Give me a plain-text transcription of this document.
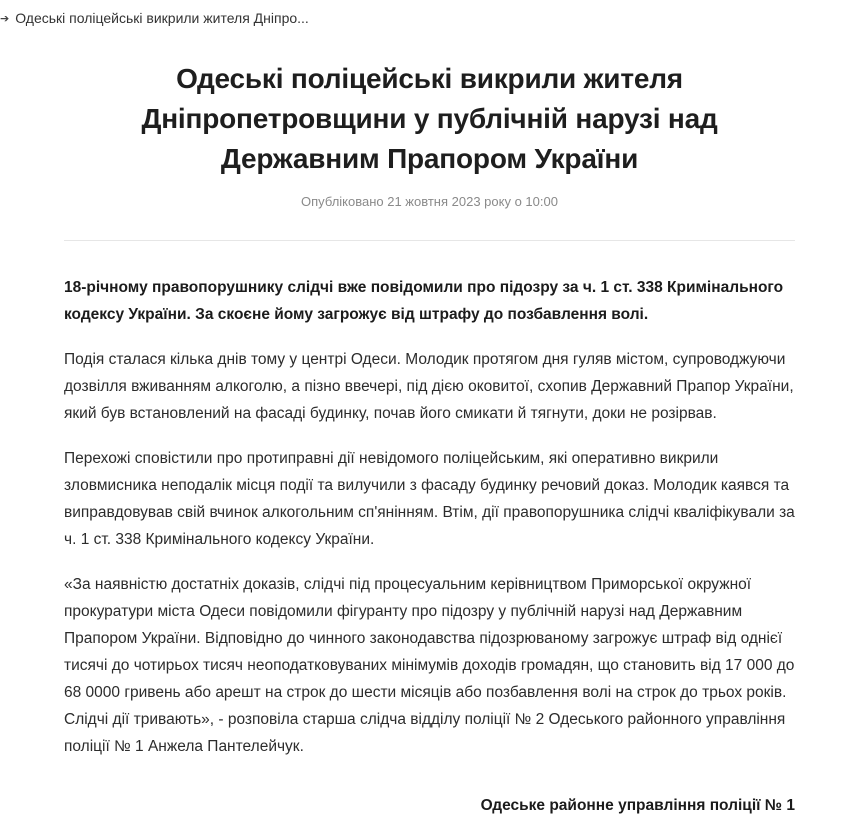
➔ Одеські поліцейські викрили жителя Дніпро...
Одеські поліцейські викрили жителя Дніпропетровщини у публічній нарузі над Державним Прапором України
Опубліковано 21 жовтня 2023 року о 10:00

18-річному правопорушнику слідчі вже повідомили про підозру за ч. 1 ст. 338 Кримінального кодексу України. За скоєне йому загрожує від штрафу до позбавлення волі.

Подія сталася кілька днів тому у центрі Одеси. Молодик протягом дня гуляв містом, супроводжуючи дозвілля вживанням алкоголю, а пізно ввечері, під дією оковитої, схопив Державний Прапор України, який був встановлений на фасаді будинку, почав його смикати й тягнути, доки не розірвав.

Перехожі сповістили про протиправні дії невідомого поліцейським, які оперативно викрили зловмисника неподалік місця події та вилучили з фасаду будинку речовий доказ. Молодик каявся та виправдовував свій вчинок алкогольним сп'янінням. Втім, дії правопорушника слідчі кваліфікували за ч. 1 ст. 338 Кримінального кодексу України.

«За наявністю достатніх доказів, слідчі під процесуальним керівництвом Приморської окружної прокуратури міста Одеси повідомили фігуранту про підозру у публічній нарузі над Державним Прапором України. Відповідно до чинного законодавства підозрюваному загрожує штраф від однієї тисячі до чотирьох тисяч неоподатковуваних мінімумів доходів громадян, що становить від 17 000 до 68 0000 гривень або арешт на строк до шести місяців або позбавлення волі на строк до трьох років. Слідчі дії тривають», - розповіла старша слідча відділу поліції № 2 Одеського районного управління поліції № 1 Анжела Пантелейчук.

Одеське районне управління поліції № 1
